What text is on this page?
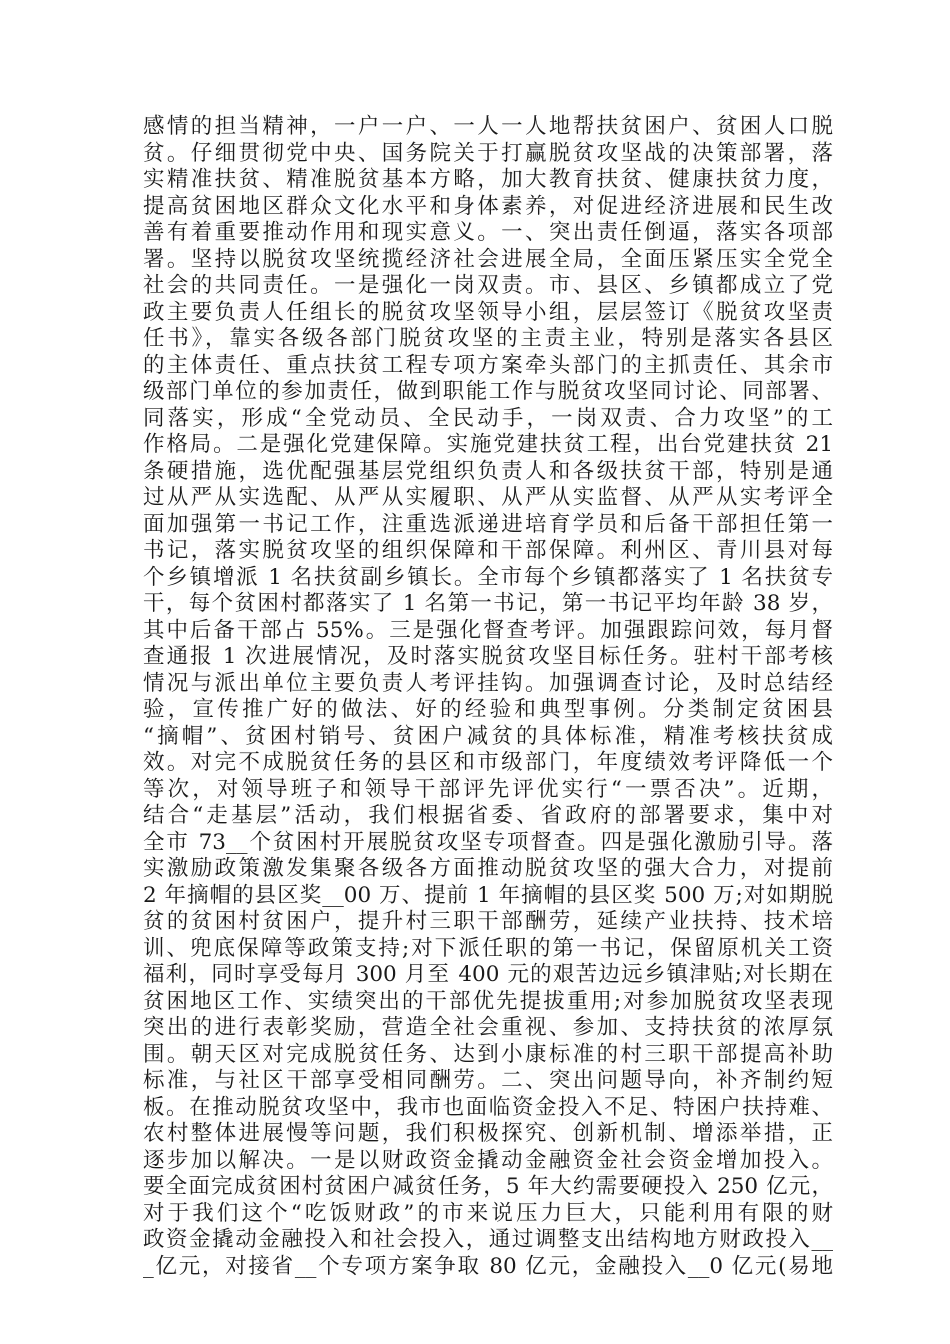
感情的担当精神，一户一户、一人一人地帮扶贫困户、贫困人口脱
贫。仔细贯彻党中央、国务院关于打赢脱贫攻坚战的决策部署，落
实精准扶贫、精准脱贫基本方略，加大教育扶贫、健康扶贫力度，
提高贫困地区群众文化水平和身体素养，对促进经济进展和民生改
善有着重要推动作用和现实意义。一、突出责任倒逼，落实各项部
署。坚持以脱贫攻坚统揽经济社会进展全局，全面压紧压实全党全
社会的共同责任。一是强化一岗双责。市、县区、乡镇都成立了党
政主要负责人任组长的脱贫攻坚领导小组，层层签订《脱贫攻坚责
任书》，靠实各级各部门脱贫攻坚的主责主业，特别是落实各县区
的主体责任、重点扶贫工程专项方案牵头部门的主抓责任、其余市
级部门单位的参加责任，做到职能工作与脱贫攻坚同讨论、同部署、
同落实，形成“全党动员、全民动手，一岗双责、合力攻坚”的工
作格局。二是强化党建保障。实施党建扶贫工程，出台党建扶贫 21
条硬措施，选优配强基层党组织负责人和各级扶贫干部，特别是通
过从严从实选配、从严从实履职、从严从实监督、从严从实考评全
面加强第一书记工作，注重选派递进培育学员和后备干部担任第一
书记，落实脱贫攻坚的组织保障和干部保障。利州区、青川县对每
个乡镇增派 1 名扶贫副乡镇长。全市每个乡镇都落实了 1 名扶贫专
干，每个贫困村都落实了 1 名第一书记，第一书记平均年龄 38 岁，
其中后备干部占 55%。三是强化督查考评。加强跟踪问效，每月督
查通报 1 次进展情况，及时落实脱贫攻坚目标任务。驻村干部考核
情况与派出单位主要负责人考评挂钩。加强调查讨论，及时总结经
验，宣传推广好的做法、好的经验和典型事例。分类制定贫困县
“摘帽”、贫困村销号、贫困户减贫的具体标准，精准考核扶贫成
效。对完不成脱贫任务的县区和市级部门，年度绩效考评降低一个
等次，对领导班子和领导干部评先评优实行“一票否决”。近期，
结合“走基层”活动，我们根据省委、省政府的部署要求，集中对
全市 73__个贫困村开展脱贫攻坚专项督查。四是强化激励引导。落
实激励政策激发集聚各级各方面推动脱贫攻坚的强大合力，对提前
2 年摘帽的县区奖__00 万、提前 1 年摘帽的县区奖 500 万;对如期脱
贫的贫困村贫困户，提升村三职干部酬劳，延续产业扶持、技术培
训、兜底保障等政策支持;对下派任职的第一书记，保留原机关工资
福利，同时享受每月 300 月至 400 元的艰苦边远乡镇津贴;对长期在
贫困地区工作、实绩突出的干部优先提拔重用;对参加脱贫攻坚表现
突出的进行表彰奖励，营造全社会重视、参加、支持扶贫的浓厚氛
围。朝天区对完成脱贫任务、达到小康标准的村三职干部提高补助
标准，与社区干部享受相同酬劳。二、突出问题导向，补齐制约短
板。在推动脱贫攻坚中，我市也面临资金投入不足、特困户扶持难、
农村整体进展慢等问题，我们积极探究、创新机制、增添举措，正
逐步加以解决。一是以财政资金撬动金融资金社会资金增加投入。
要全面完成贫困村贫困户减贫任务，5 年大约需要硬投入 250 亿元，
对于我们这个“吃饭财政”的市来说压力巨大，只能利用有限的财
政资金撬动金融投入和社会投入，通过调整支出结构地方财政投入__
_亿元，对接省__个专项方案争取 80 亿元，金融投入__0 亿元(易地
